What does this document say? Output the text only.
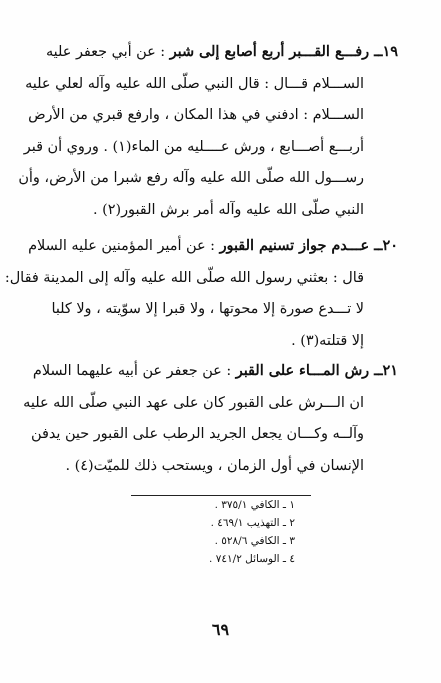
١٩ــ رفـــع القـــبر أربع أصابع إلى شبر : عن أبي جعفر عليه
الســـلام قـــال : قال النبي صلّى الله عليه وآله لعلي عليه
الســـلام : ادفني في هذا المكان ، وارفع قبري من الأرض
أربـــع أصـــابع ، ورش عــــليه من الماء(١) . وروي أن قبر
رســـول الله صلّى الله عليه وآله رفع شبرا من الأرض، وأن
النبي صلّى الله عليه وآله أمر برش القبور(٢) .
٢٠ــ عـــدم جواز تسنيم القبور : عن أمير المؤمنين عليه السلام
قال : بعثني رسول الله صلّى الله عليه وآله إلى المدينة فقال:
لا تـــدع صورة إلا محوتها ، ولا قبرا إلا سوّيته ، ولا كلبا
إلا قتلته(٣) .
٢١ــ رش المـــاء على القبر : عن جعفر عن أبيه عليهما السلام
ان الـــرش على القبور كان على عهد النبي صلّى الله عليه
وآلــه وكـــان يجعل الجريد الرطب على القبور حين يدفن
الإنسان في أول الزمان ، ويستحب ذلك للميّت(٤) .
١ ـ الكافي ٣٧٥/١ .
٢ ـ التهذيب ٤٦٩/١ .
٣ ـ الكافي ٥٢٨/٦ .
٤ ـ الوسائل ٧٤١/٢ .
٦٩
